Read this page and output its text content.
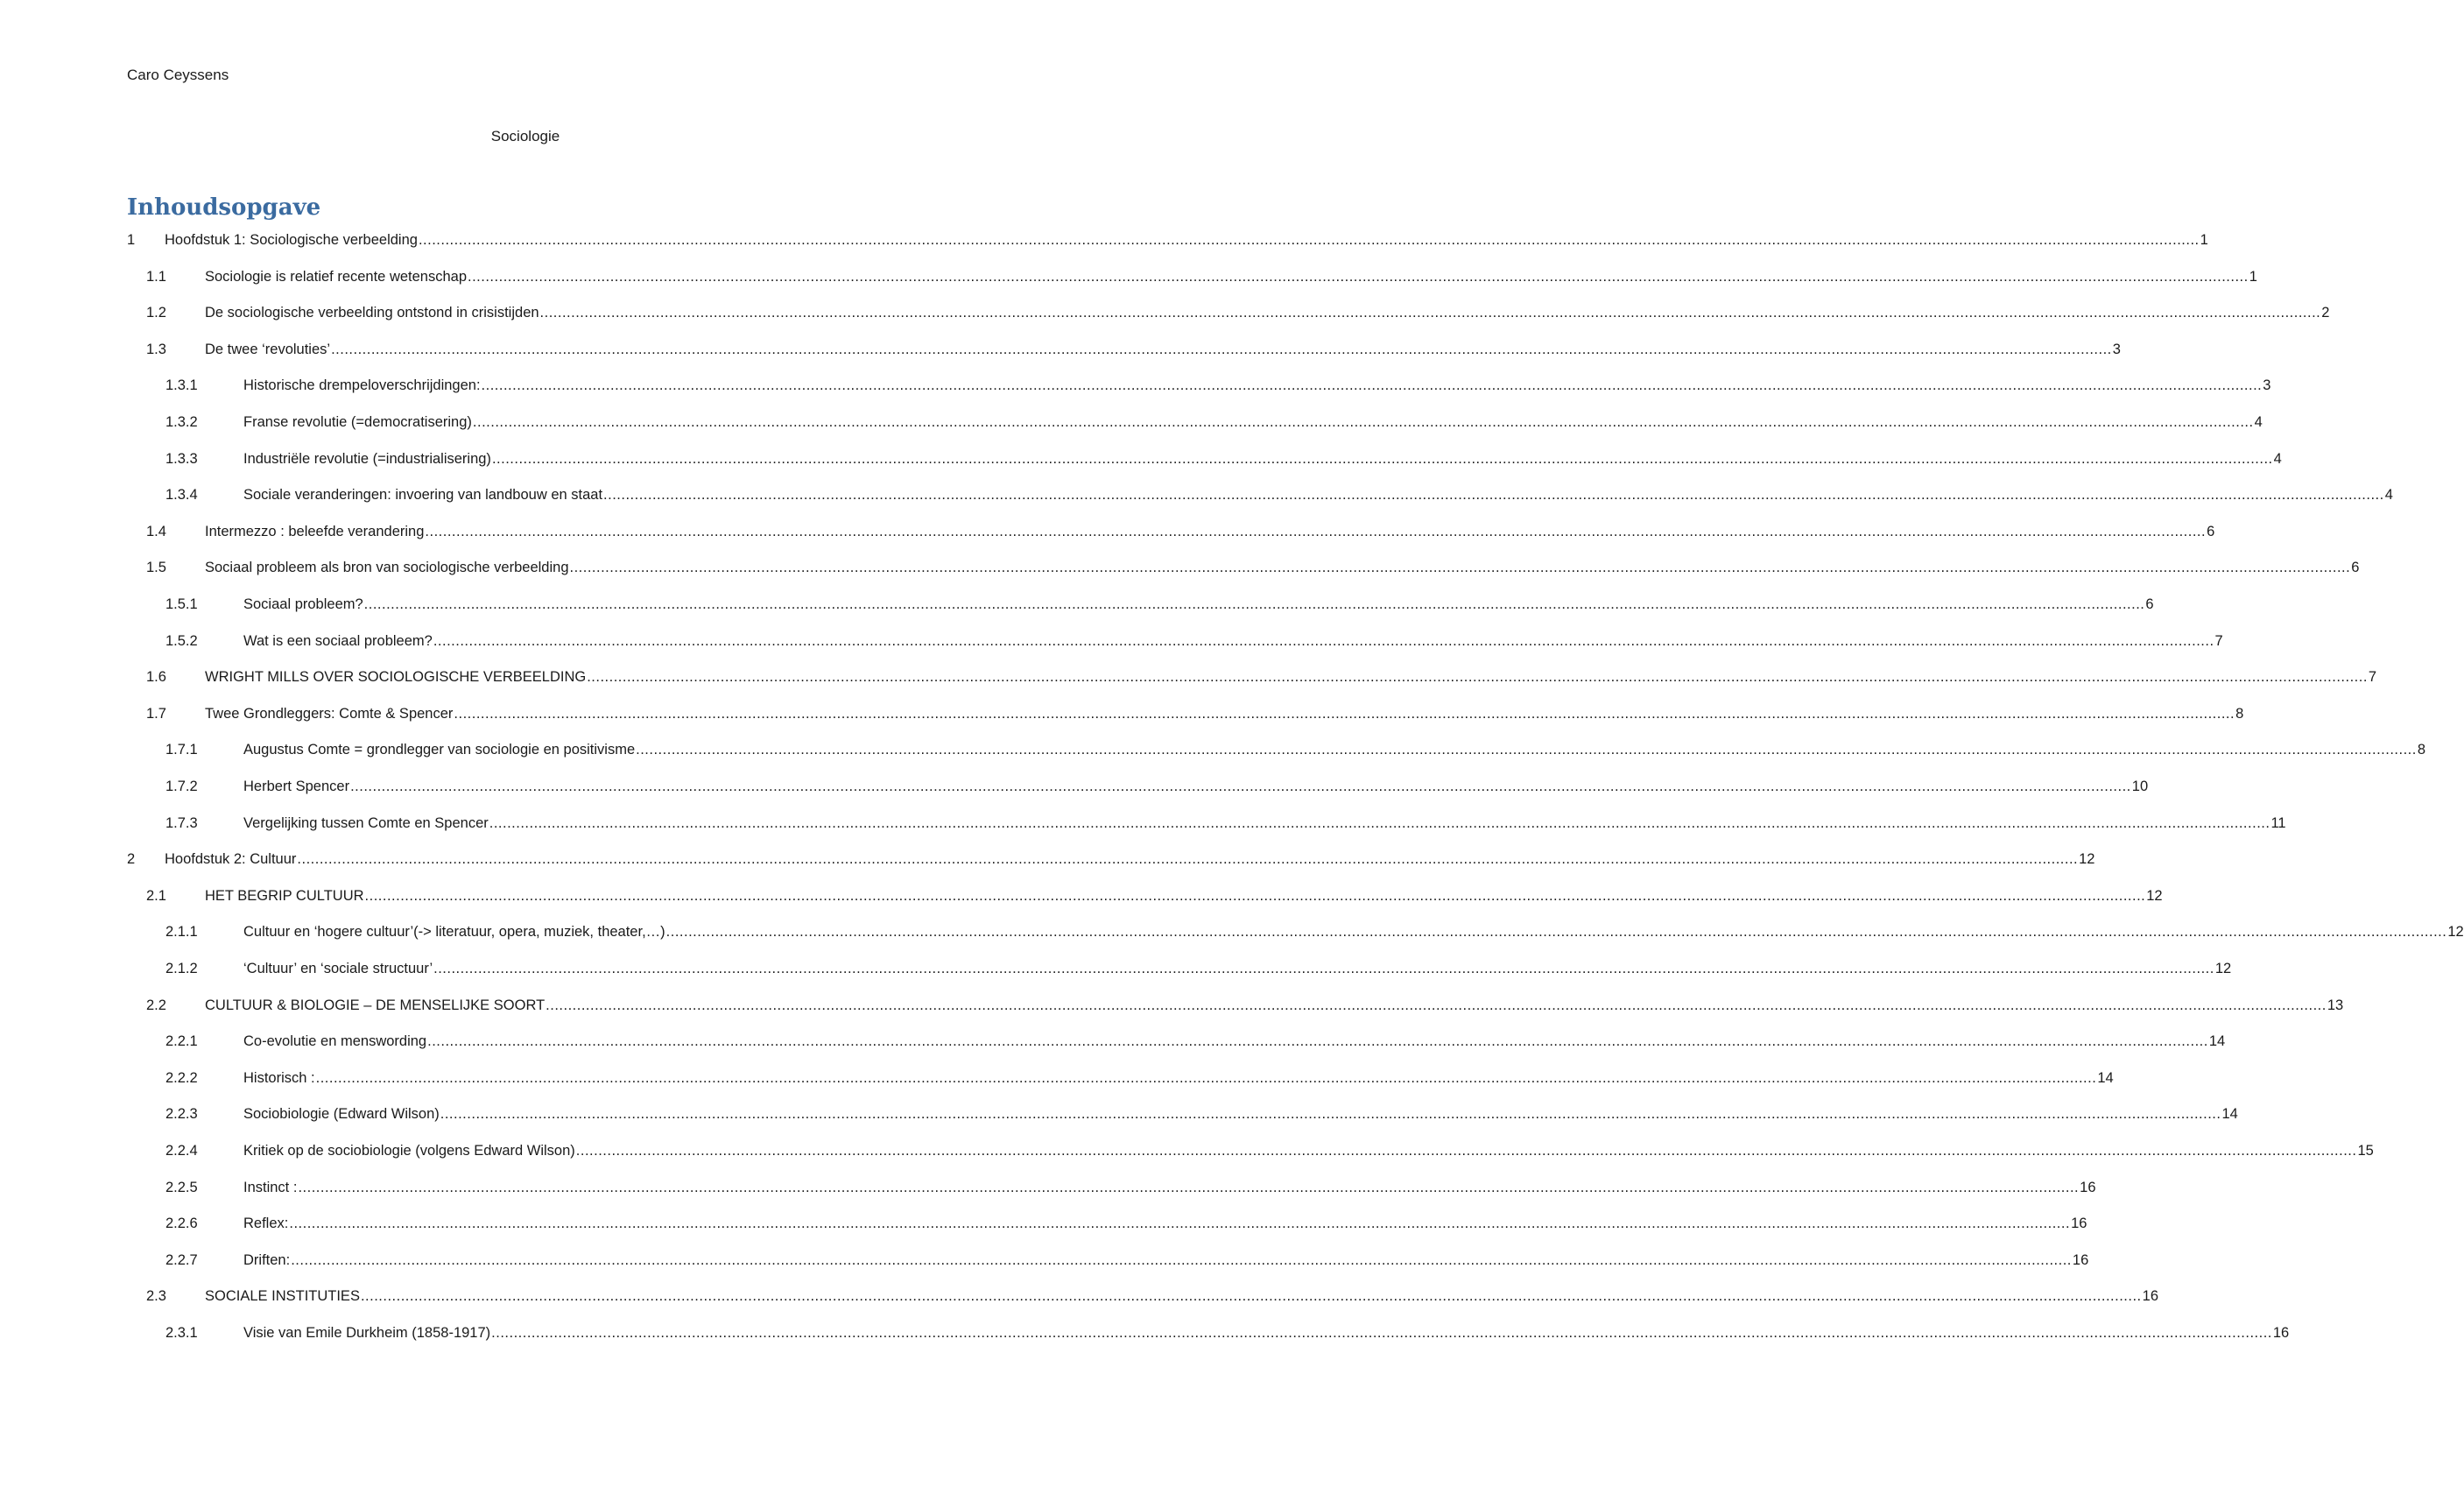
Caro Ceyssens
Sociologie
Inhoudsopgave
1 Hoofdstuk 1: Sociologische verbeelding ................................................................................................................................................................................................................................................................................................................................................................................................................ 1
1.1	Sociologie is relatief recente wetenschap ................................................................................................................................................................................................................................................................................................................................................................................................................ 1
1.2	De sociologische verbeelding ontstond in crisistijden ................................................................................................................................................................................................................................................................................................................................................................................................................ 2
1.3	De twee ‘revoluties’ ................................................................................................................................................................................................................................................................................................................................................................................................................ 3
1.3.1	Historische drempeloverschrijdingen: ................................................................................................................................................................................................................................................................................................................................................................................................................ 3
1.3.2	Franse revolutie (=democratisering) ................................................................................................................................................................................................................................................................................................................................................................................................................ 4
1.3.3	Industriële revolutie (=industrialisering) ................................................................................................................................................................................................................................................................................................................................................................................................................ 4
1.3.4	Sociale veranderingen: invoering van landbouw en staat ................................................................................................................................................................................................................................................................................................................................................................................................................ 4
1.4	Intermezzo : beleefde verandering ................................................................................................................................................................................................................................................................................................................................................................................................................ 6
1.5	Sociaal probleem als bron van sociologische verbeelding ................................................................................................................................................................................................................................................................................................................................................................................................................ 6
1.5.1	Sociaal probleem? ................................................................................................................................................................................................................................................................................................................................................................................................................ 6
1.5.2	Wat is een sociaal probleem? ................................................................................................................................................................................................................................................................................................................................................................................................................ 7
1.6	WRIGHT MILLS OVER SOCIOLOGISCHE VERBEELDING ................................................................................................................................................................................................................................................................................................................................................................................................................ 7
1.7	Twee Grondleggers: Comte & Spencer ................................................................................................................................................................................................................................................................................................................................................................................................................ 8
1.7.1	Augustus Comte = grondlegger van sociologie en positivisme ................................................................................................................................................................................................................................................................................................................................................................................................................ 8
1.7.2	Herbert Spencer ................................................................................................................................................................................................................................................................................................................................................................................................................ 10
1.7.3	Vergelijking tussen Comte en Spencer ................................................................................................................................................................................................................................................................................................................................................................................................................ 11
2 Hoofdstuk 2: Cultuur ................................................................................................................................................................................................................................................................................................................................................................................................................ 12
2.1	HET BEGRIP CULTUUR ................................................................................................................................................................................................................................................................................................................................................................................................................ 12
2.1.1	Cultuur en ‘hogere cultuur’(-> literatuur, opera, muziek, theater,…) ................................................................................................................................................................................................................................................................................................................................................................................................................ 12
2.1.2	‘Cultuur’ en ‘sociale structuur’ ................................................................................................................................................................................................................................................................................................................................................................................................................ 12
2.2	CULTUUR & BIOLOGIE – DE MENSELIJKE SOORT ................................................................................................................................................................................................................................................................................................................................................................................................................ 13
2.2.1	Co-evolutie en menswording ................................................................................................................................................................................................................................................................................................................................................................................................................ 14
2.2.2	Historisch : ................................................................................................................................................................................................................................................................................................................................................................................................................ 14
2.2.3	Sociobiologie (Edward Wilson) ................................................................................................................................................................................................................................................................................................................................................................................................................ 14
2.2.4	Kritiek op de sociobiologie (volgens Edward Wilson) ................................................................................................................................................................................................................................................................................................................................................................................................................ 15
2.2.5	Instinct : ................................................................................................................................................................................................................................................................................................................................................................................................................ 16
2.2.6	Reflex: ................................................................................................................................................................................................................................................................................................................................................................................................................ 16
2.2.7	Driften: ................................................................................................................................................................................................................................................................................................................................................................................................................ 16
2.3	SOCIALE INSTITUTIES ................................................................................................................................................................................................................................................................................................................................................................................................................ 16
2.3.1	Visie van Emile Durkheim (1858-1917) ................................................................................................................................................................................................................................................................................................................................................................................................................ 16
